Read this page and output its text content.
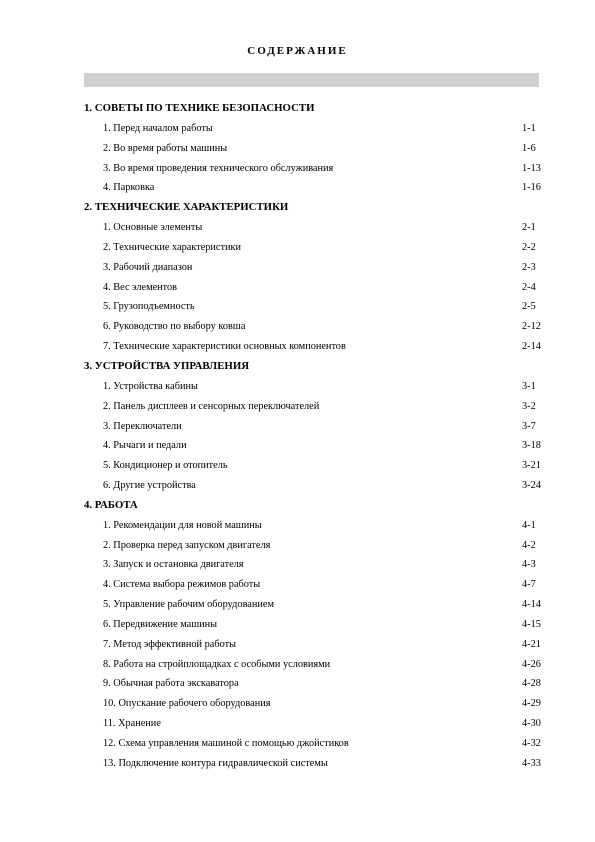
СОДЕРЖАНИЕ
1. СОВЕТЫ ПО ТЕХНИКЕ БЕЗОПАСНОСТИ
1. Перед началом работы	1-1
2. Во время работы машины	1-6
3. Во время проведения технического обслуживания	1-13
4. Парковка	1-16
2. ТЕХНИЧЕСКИЕ ХАРАКТЕРИСТИКИ
1. Основные элементы	2-1
2. Технические характеристики	2-2
3. Рабочий диапазон	2-3
4. Вес элементов	2-4
5. Грузоподъемность	2-5
6. Руководство по выбору ковша	2-12
7. Технические характеристики основных компонентов	2-14
3. УСТРОЙСТВА УПРАВЛЕНИЯ
1. Устройства кабины	3-1
2. Панель дисплеев и сенсорных переключателей	3-2
3. Переключатели	3-7
4. Рычаги и педали	3-18
5. Кондиционер и отопитель	3-21
6. Другие устройства	3-24
4. РАБОТА
1. Рекомендации для новой машины	4-1
2. Проверка перед запуском двигателя	4-2
3. Запуск и остановка двигателя	4-3
4. Система выбора режимов работы	4-7
5. Управление рабочим оборудованием	4-14
6. Передвижение машины	4-15
7. Метод эффективной работы	4-21
8. Работа на стройплощадках с особыми условиями	4-26
9. Обычная работа экскаватора	4-28
10. Опускание рабочего оборудования	4-29
11. Хранение	4-30
12. Схема управления машиной с помощью джойстиков	4-32
13. Подключение контура гидравлической системы	4-33
